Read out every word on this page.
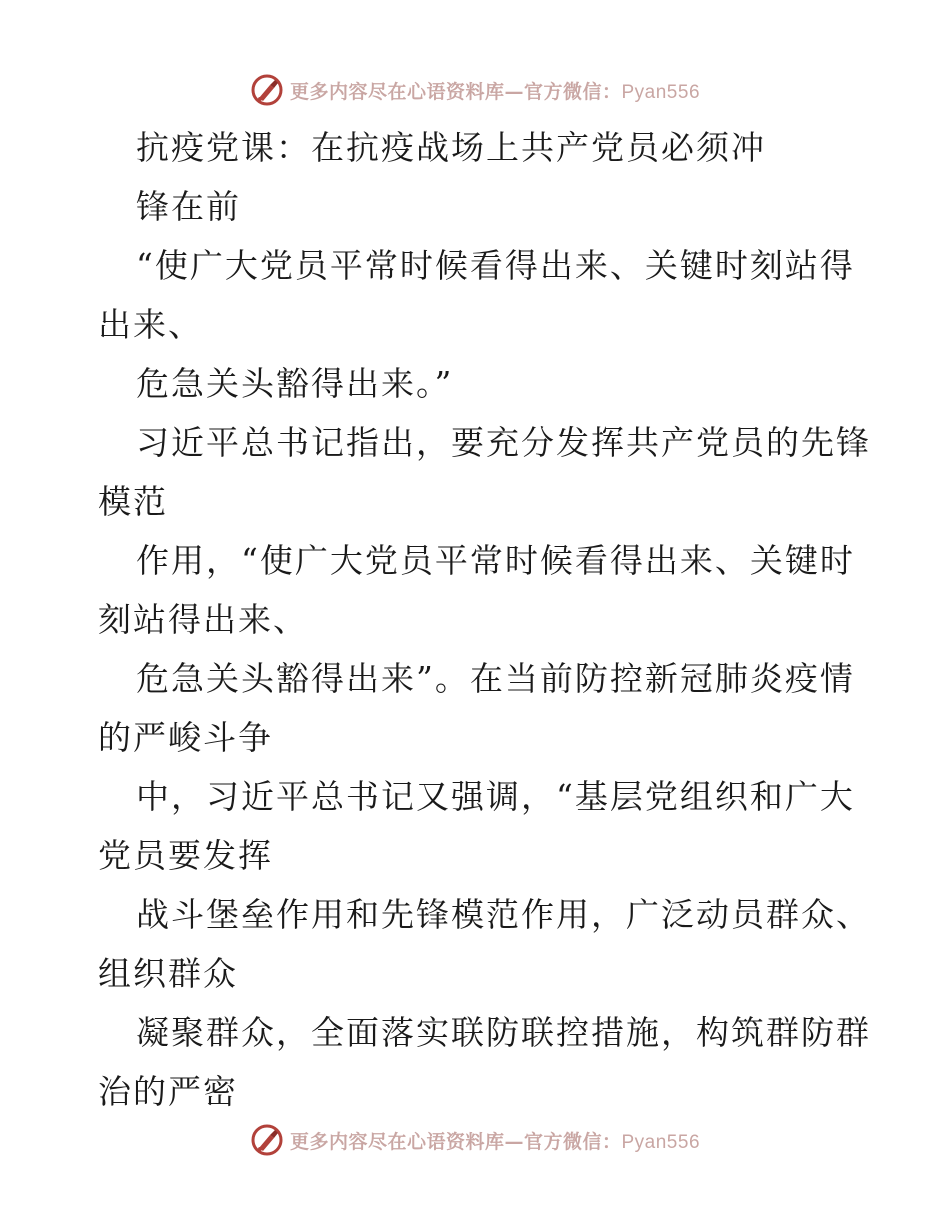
更多内容尽在心语资料库—官方微信：Pyan556
抗疫党课：在抗疫战场上共产党员必须冲
锋在前
“使广大党员平常时候看得出来、关键时刻站得
出来、
危急关头豁得出来。”
习近平总书记指出，要充分发挥共产党员的先锋
模范
作用，“使广大党员平常时候看得出来、关键时
刻站得出来、
危急关头豁得出来”。在当前防控新冠肺炎疫情
的严峻斗争
中，习近平总书记又强调，“基层党组织和广大
党员要发挥
战斗堡垒作用和先锋模范作用，广泛动员群众、
组织群众
凝聚群众，全面落实联防联控措施，构筑群防群
治的严密
更多内容尽在心语资料库—官方微信：Pyan556
